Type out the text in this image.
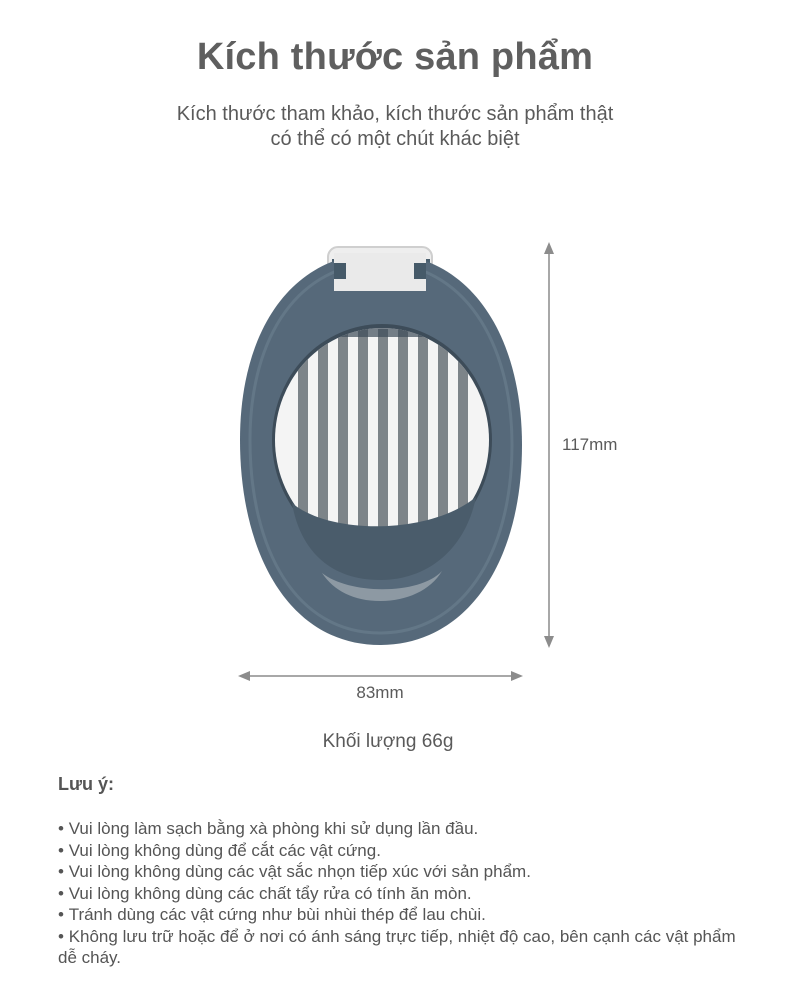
Kích thước sản phẩm
Kích thước tham khảo, kích thước sản phẩm thật
có thể có một chút khác biệt
117mm
83mm
Khối lượng 66g
Lưu ý:
• Vui lòng làm sạch bằng xà phòng khi sử dụng lần đầu.
• Vui lòng không dùng để cắt các vật cứng.
• Vui lòng không dùng các vật sắc nhọn tiếp xúc với sản phẩm.
• Vui lòng không dùng các chất tẩy rửa có tính ăn mòn.
• Tránh dùng các vật cứng như bùi nhùi thép để lau chùi.
• Không lưu trữ hoặc để ở nơi có ánh sáng trực tiếp, nhiệt độ cao, bên cạnh các vật phẩm dễ cháy.
